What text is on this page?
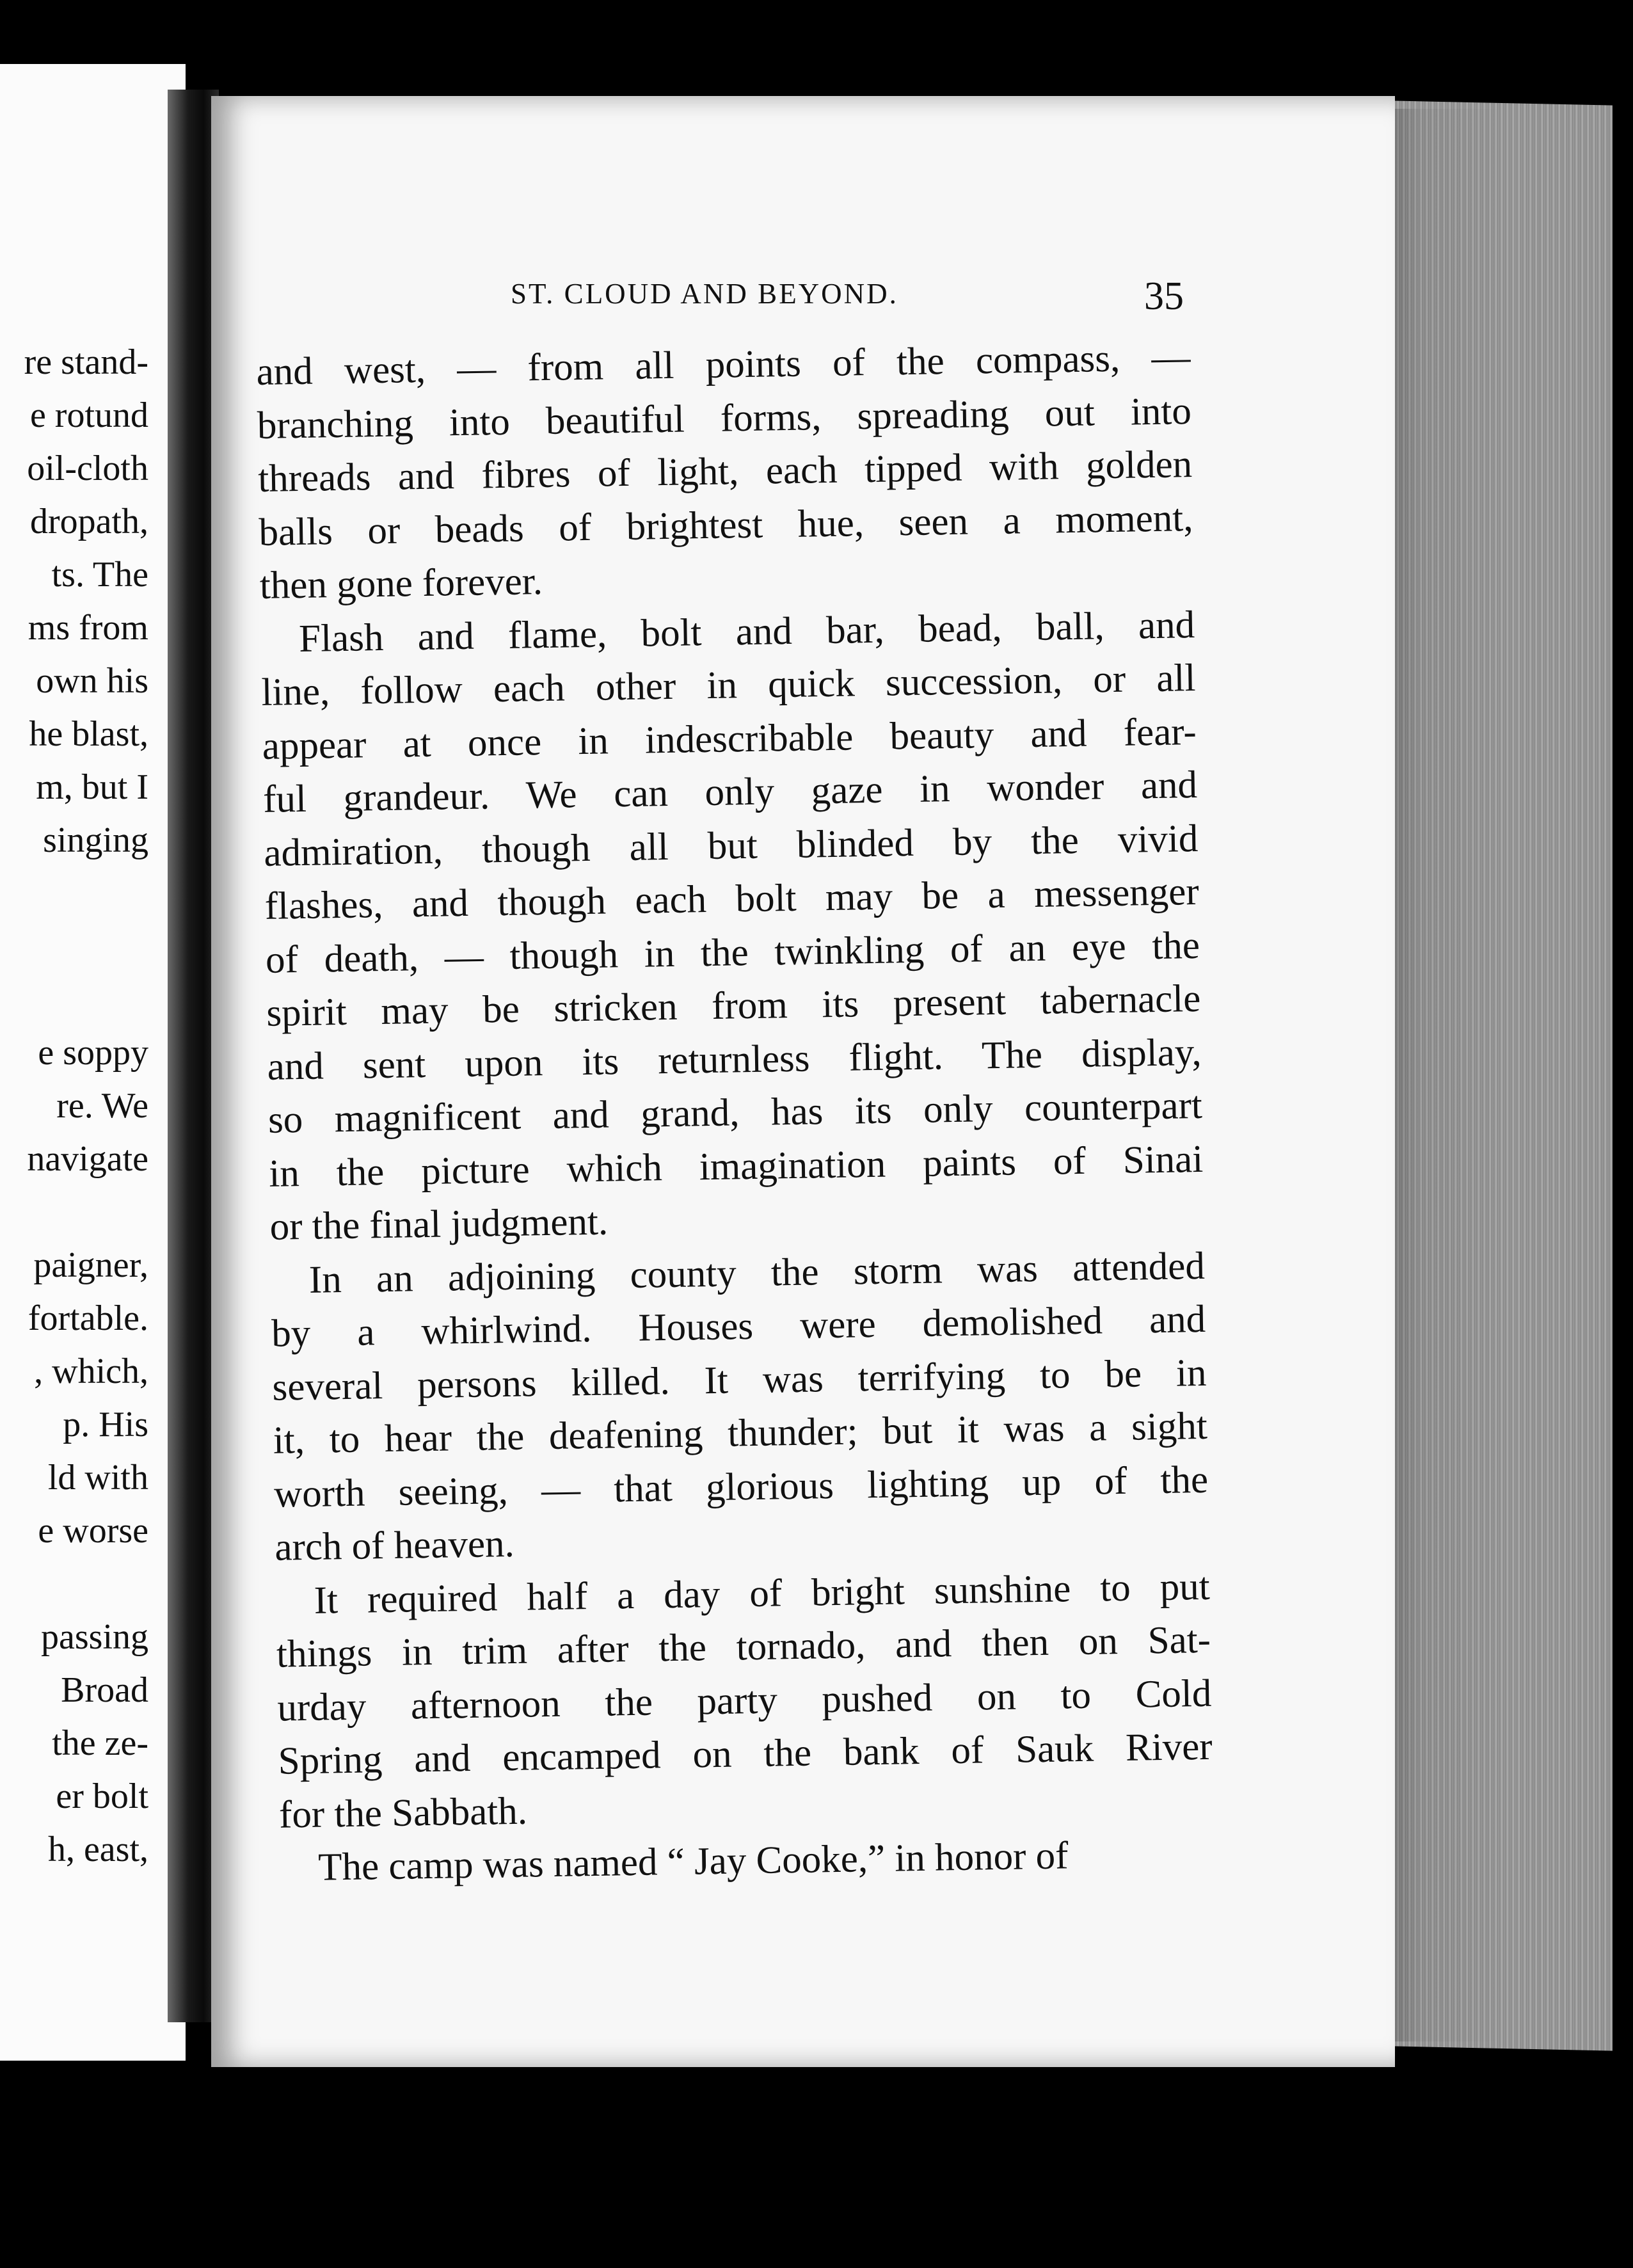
re stand-
e rotund
oil-cloth
dropath,
ts. The
ms from
own his
he blast,
m, but I
singing
e soppy
re. We
navigate
paigner,
fortable.
, which,
p. His
ld with
e worse
passing
Broad
the ze-
er bolt
h, east,
ST. CLOUD AND BEYOND.	35
and west, — from all points of the compass, —
branching into beautiful forms, spreading out into
threads and fibres of light, each tipped with golden
balls or beads of brightest hue, seen a moment,
then gone forever.
Flash and flame, bolt and bar, bead, ball, and
line, follow each other in quick succession, or all
appear at once in indescribable beauty and fear-
ful grandeur. We can only gaze in wonder and
admiration, though all but blinded by the vivid
flashes, and though each bolt may be a messenger
of death, — though in the twinkling of an eye the
spirit may be stricken from its present tabernacle
and sent upon its returnless flight. The display,
so magnificent and grand, has its only counterpart
in the picture which imagination paints of Sinai
or the final judgment.
In an adjoining county the storm was attended
by a whirlwind. Houses were demolished and
several persons killed. It was terrifying to be in
it, to hear the deafening thunder; but it was a sight
worth seeing, — that glorious lighting up of the
arch of heaven.
It required half a day of bright sunshine to put
things in trim after the tornado, and then on Sat-
urday afternoon the party pushed on to Cold
Spring and encamped on the bank of Sauk River
for the Sabbath.
The camp was named “ Jay Cooke,” in honor of
